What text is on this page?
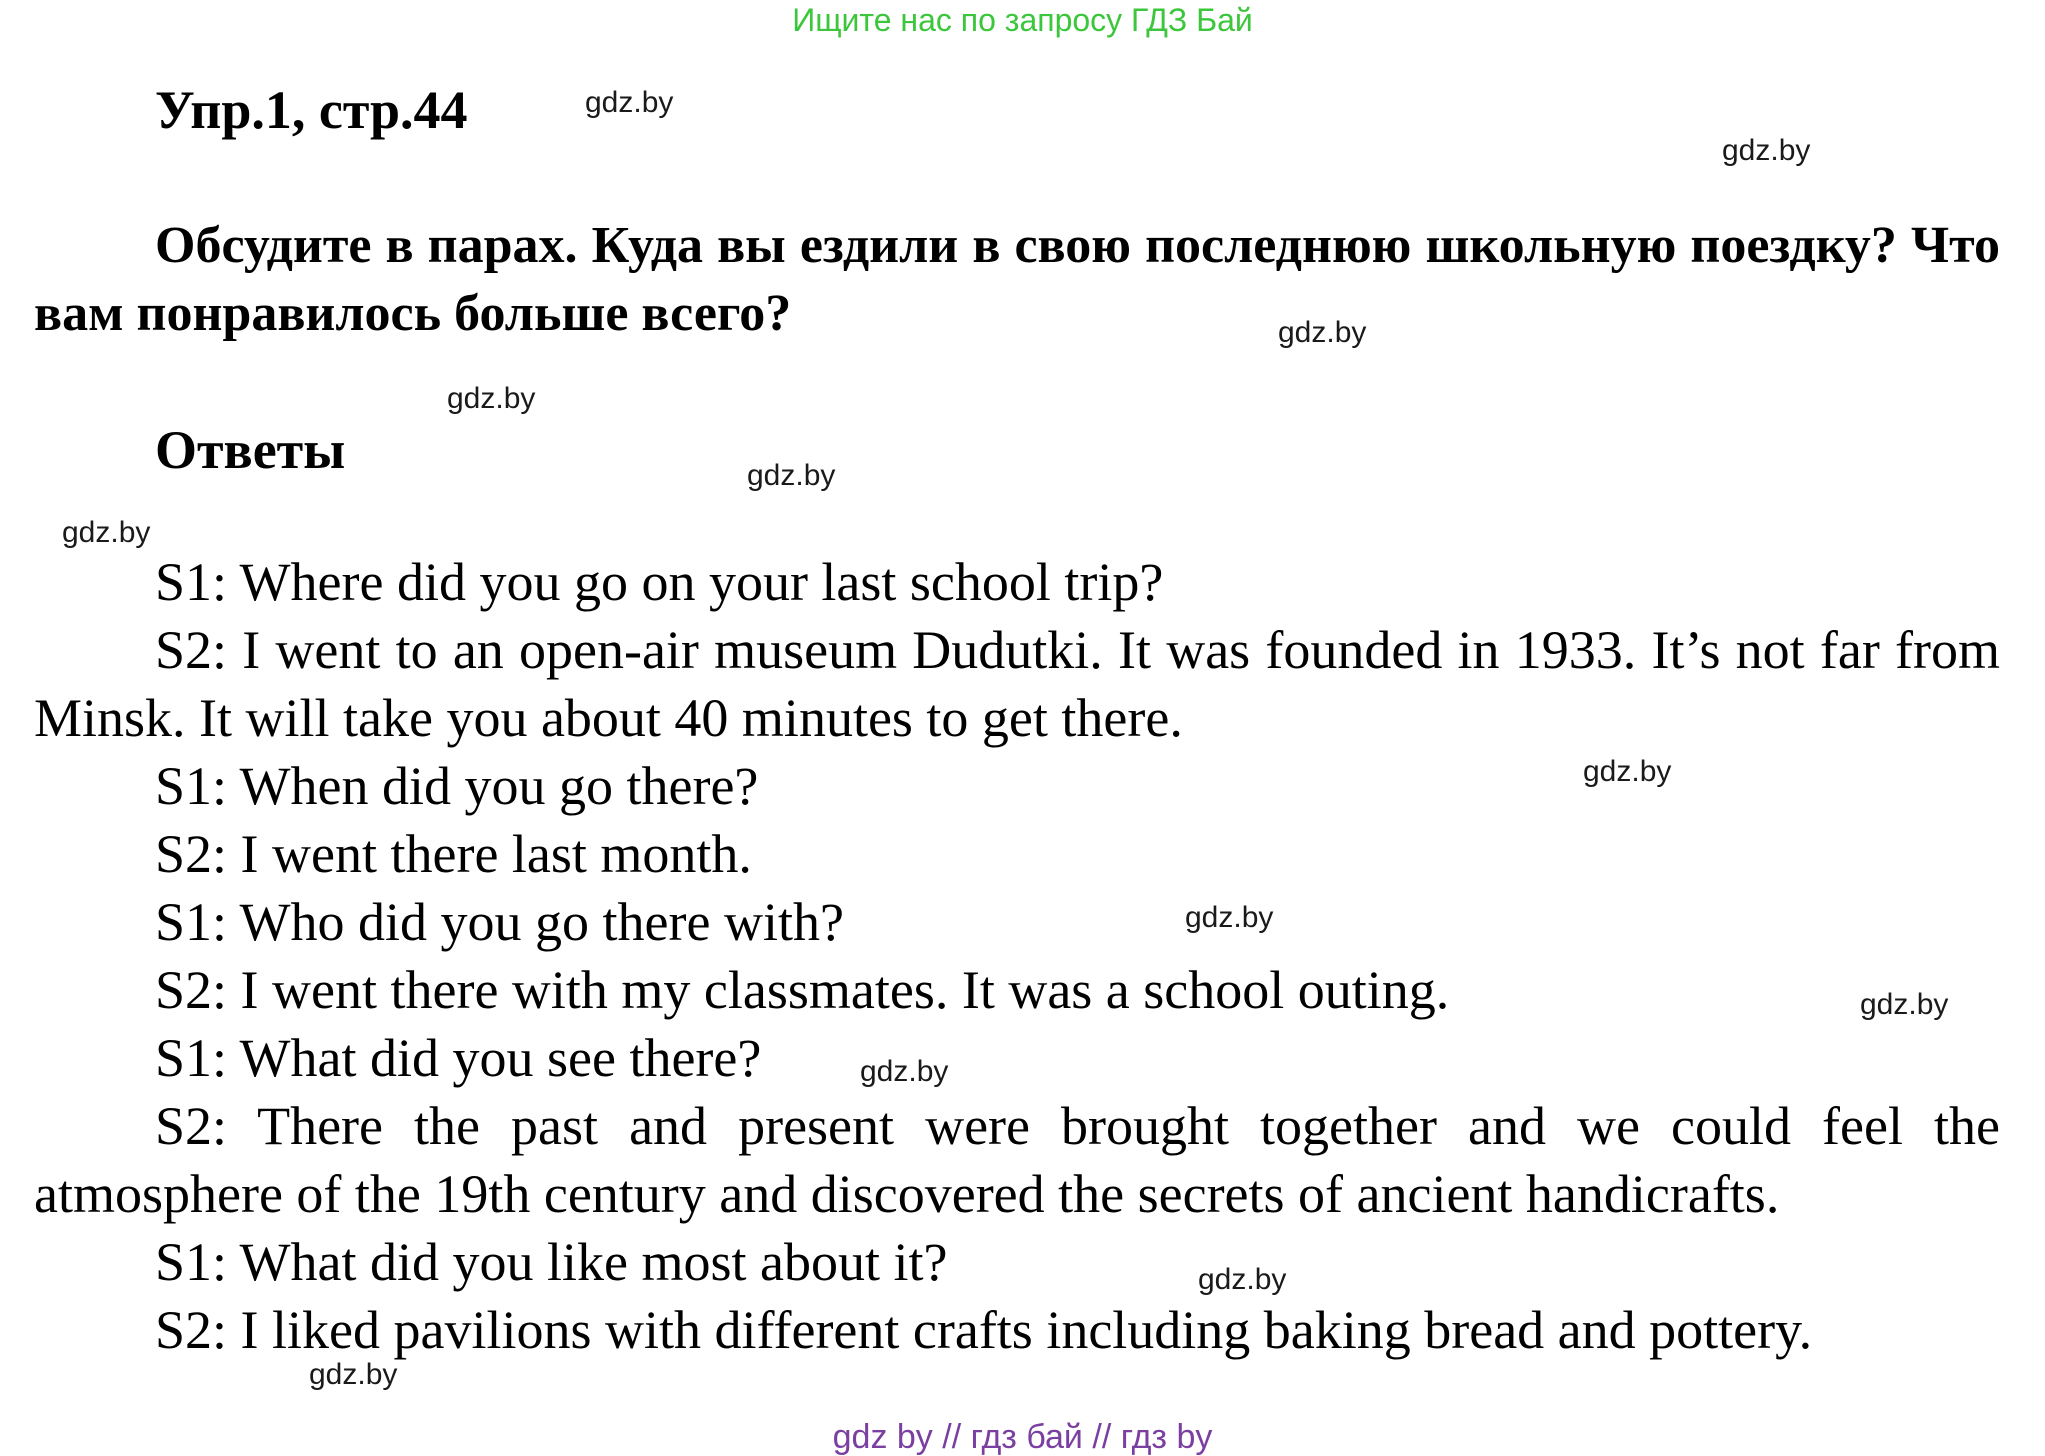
Ищите нас по запросу ГДЗ Бай
Упр.1, стр.44
Обсудите в парах. Куда вы ездили в свою последнюю школьную поездку? Что вам понравилось больше всего?
Ответы

S1: Where did you go on your last school trip?

S2: I went to an open-air museum Dudutki. It was founded in 1933. It’s not far from Minsk. It will take you about 40 minutes to get there.

S1: When did you go there?

S2: I went there last month.

S1: Who did you go there with?

S2: I went there with my classmates. It was a school outing.

S1: What did you see there?

S2: There the past and present were brought together and we could feel the atmosphere of the 19th century and discovered the secrets of ancient handicrafts.

S1: What did you like most about it?

S2: I liked pavilions with different crafts including baking bread and pottery.

gdz.by
gdz.by
gdz.by
gdz.by
gdz.by
gdz.by
gdz.by
gdz.by
gdz.by
gdz.by
gdz.by
gdz.by
gdz by // гдз бай // гдз by
